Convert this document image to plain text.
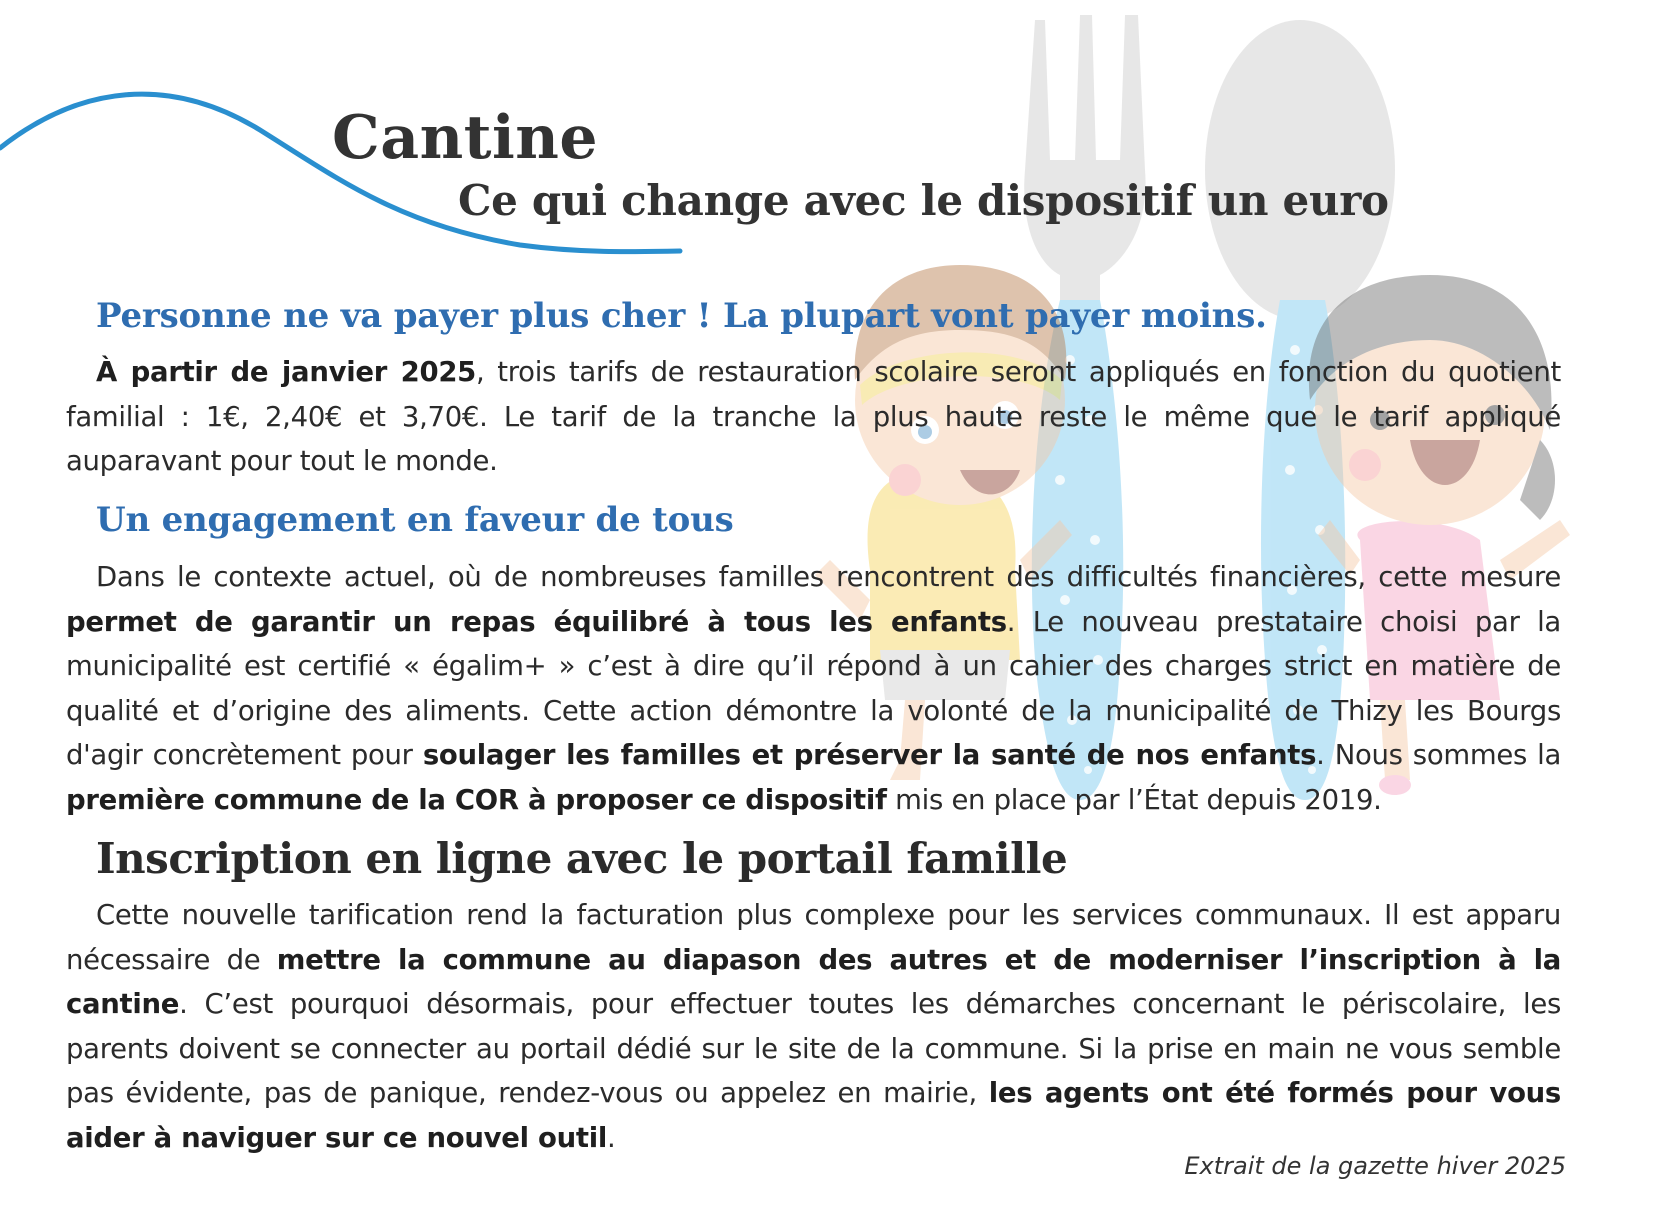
Cantine
Ce qui change avec le dispositif un euro
Personne ne va payer plus cher ! La plupart vont payer moins.

À partir de janvier 2025, trois tarifs de restauration scolaire seront appliqués en fonction du quotient familial : 1€, 2,40€ et 3,70€. Le tarif de la tranche la plus haute reste le même que le tarif appliqué auparavant pour tout le monde.

Un engagement en faveur de tous

Dans le contexte actuel, où de nombreuses familles rencontrent des difficultés financières, cette mesure permet de garantir un repas équilibré à tous les enfants. Le nouveau prestataire choisi par la municipalité est certifié « égalim+ » c’est à dire qu’il répond à un cahier des charges strict en matière de qualité et d’origine des aliments. Cette action démontre la volonté de la municipalité de Thizy les Bourgs d'agir concrètement pour soulager les familles et préserver la santé de nos enfants. Nous sommes la première commune de la COR à proposer ce dispositif mis en place par l’État depuis 2019.

Inscription en ligne avec le portail famille

Cette nouvelle tarification rend la facturation plus complexe pour les services communaux. Il est apparu nécessaire de mettre la commune au diapason des autres et de moderniser l’inscription à la cantine. C’est pourquoi désormais, pour effectuer toutes les démarches concernant le périscolaire, les parents doivent se connecter au portail dédié sur le site de la commune. Si la prise en main ne vous semble pas évidente, pas de panique, rendez-vous ou appelez en mairie, les agents ont été formés pour vous aider à naviguer sur ce nouvel outil.

Extrait de la gazette hiver 2025
